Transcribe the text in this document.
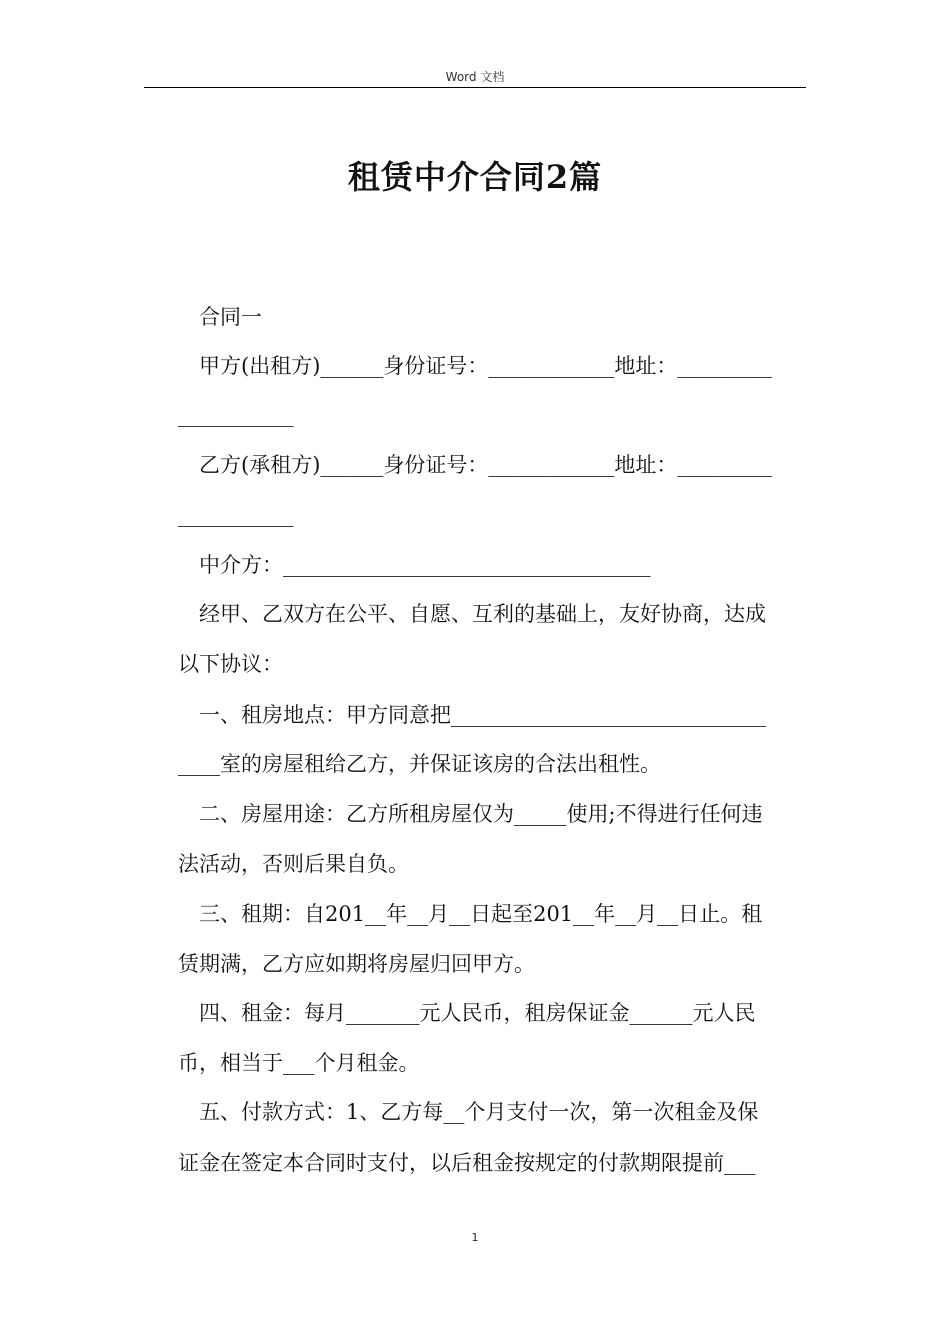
Word 文档
租赁中介合同2篇
合同一
甲方(出租方)______身份证号：____________地址：_________
___________
乙方(承租方)______身份证号：____________地址：_________
___________
中介方：___________________________________
经甲、乙双方在公平、自愿、互利的基础上，友好协商，达成
以下协议：
一、租房地点：甲方同意把______________________________
____室的房屋租给乙方，并保证该房的合法出租性。
二、房屋用途：乙方所租房屋仅为_____使用;不得进行任何违
法活动，否则后果自负。
三、租期：自201__年__月__日起至201__年__月__日止。租
赁期满，乙方应如期将房屋归回甲方。
四、租金：每月_______元人民币，租房保证金______元人民
币，相当于___个月租金。
五、付款方式：1、乙方每__个月支付一次，第一次租金及保
证金在签定本合同时支付，以后租金按规定的付款期限提前___
1
